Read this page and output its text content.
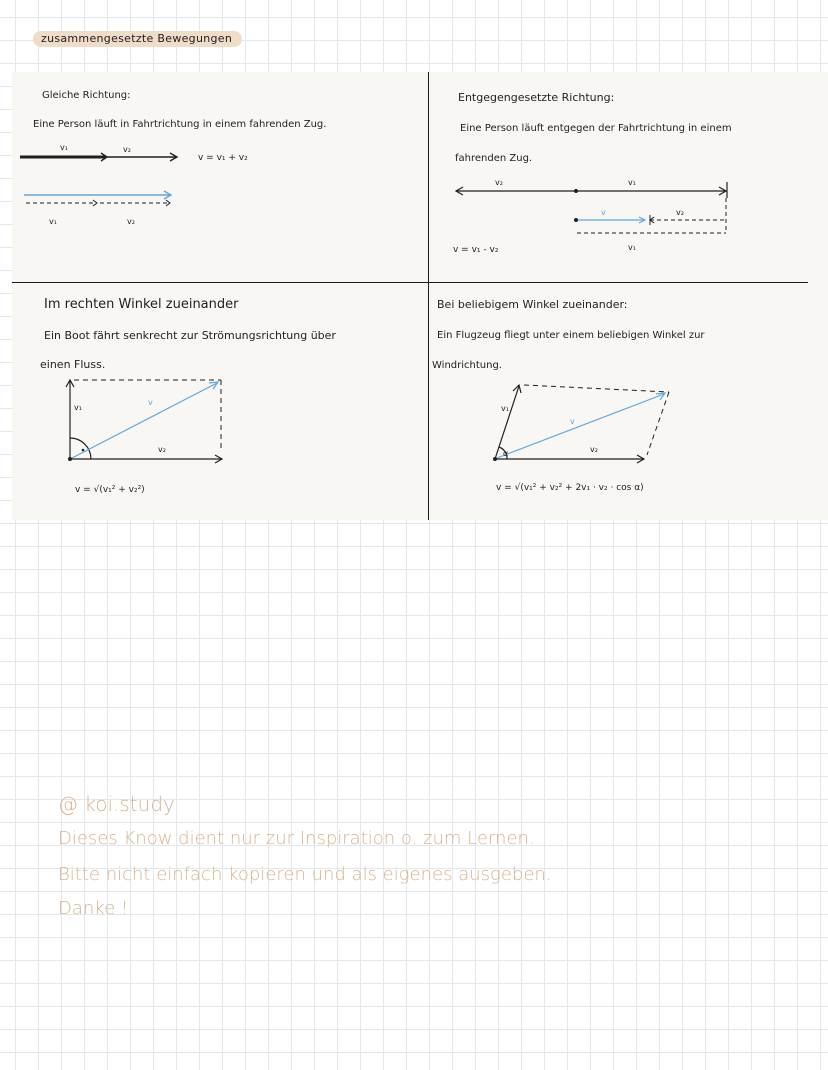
zusammengesetzte Bewegungen
Gleiche Richtung:
Eine Person läuft in Fahrtrichtung in einem fahrenden Zug.
v₁	v₂
v₁	v₂
v = v₁ + v₂
Entgegengesetzte Richtung:
Eine Person läuft entgegen der Fahrtrichtung in einem
fahrenden Zug.
v₂	v₁
v	v₂
v₁
v = v₁ - v₂
Im rechten Winkel zueinander
Ein Boot fährt senkrecht zur Strömungsrichtung über
einen Fluss.
v₁
v
v₂
v = √(v₁² + v₂²)
Bei beliebigem Winkel zueinander:
Ein Flugzeug fliegt unter einem beliebigen Winkel zur
Windrichtung.
v₁
v
v₂
α
v = √(v₁² + v₂² + 2v₁ · v₂ · cos α)
@ koi.study
Dieses Know dient nur zur Inspiration o. zum Lernen.
Bitte nicht einfach kopieren und als eigenes ausgeben.
Danke !
